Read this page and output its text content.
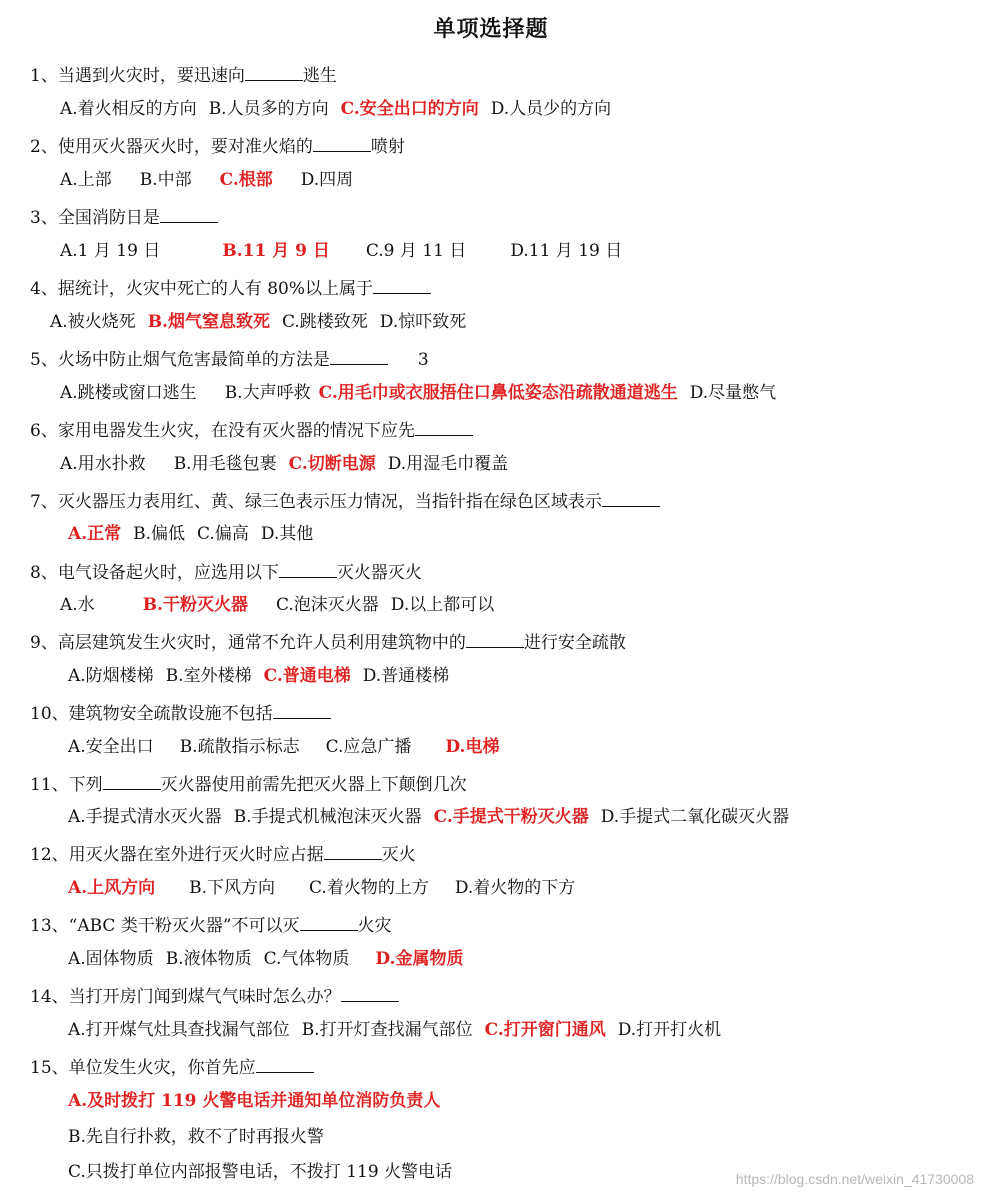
单项选择题
1、当遇到火灾时，要迅速向	逃生
A.着火相反的方向 B.人员多的方向 C.安全出口的方向 D.人员少的方向
2、使用灭火器灭火时，要对准火焰的	喷射
A.上部 B.中部 C.根部 D.四周
3、全国消防日是
A.1 月 19 日	B.11 月 9 日 C.9 月 11 日	D.11 月 19 日
4、据统计，火灾中死亡的人有 80%以上属于
A.被火烧死 B.烟气窒息致死 C.跳楼致死 D.惊吓致死
5、火场中防止烟气危害最简单的方法是	3
A.跳楼或窗口逃生 B.大声呼救 C.用毛巾或衣服捂住口鼻低姿态沿疏散通道逃生 D.尽量憋气
6、家用电器发生火灾，在没有灭火器的情况下应先
A.用水扑救 B.用毛毯包裹 C.切断电源 D.用湿毛巾覆盖
7、灭火器压力表用红、黄、绿三色表示压力情况，当指针指在绿色区域表示
A.正常 B.偏低 C.偏高 D.其他
8、电气设备起火时，应选用以下	灭火器灭火
A.水	B.干粉灭火器 C.泡沫灭火器 D.以上都可以
9、高层建筑发生火灾时，通常不允许人员利用建筑物中的	进行安全疏散
A.防烟楼梯 B.室外楼梯 C.普通电梯 D.普通楼梯
10、建筑物安全疏散设施不包括
A.安全出口 B.疏散指示标志 C.应急广播 D.电梯
11、下列	灭火器使用前需先把灭火器上下颠倒几次
A.手提式清水灭火器 B.手提式机械泡沫灭火器 C.手提式干粉灭火器 D.手提式二氧化碳灭火器
12、用灭火器在室外进行灭火时应占据	灭火
A.上风方向 B.下风方向 C.着火物的上方 D.着火物的下方
13、“ABC 类干粉灭火器”不可以灭	火灾
A.固体物质 B.液体物质 C.气体物质 D.金属物质
14、当打开房门闻到煤气气味时怎么办？
A.打开煤气灶具查找漏气部位 B.打开灯查找漏气部位 C.打开窗门通风 D.打开打火机
15、单位发生火灾，你首先应
A.及时拨打 119 火警电话并通知单位消防负责人
B.先自行扑救，救不了时再报火警
C.只拨打单位内部报警电话，不拨打 119 火警电话	https://blog.csdn.net/weixin_41730008
